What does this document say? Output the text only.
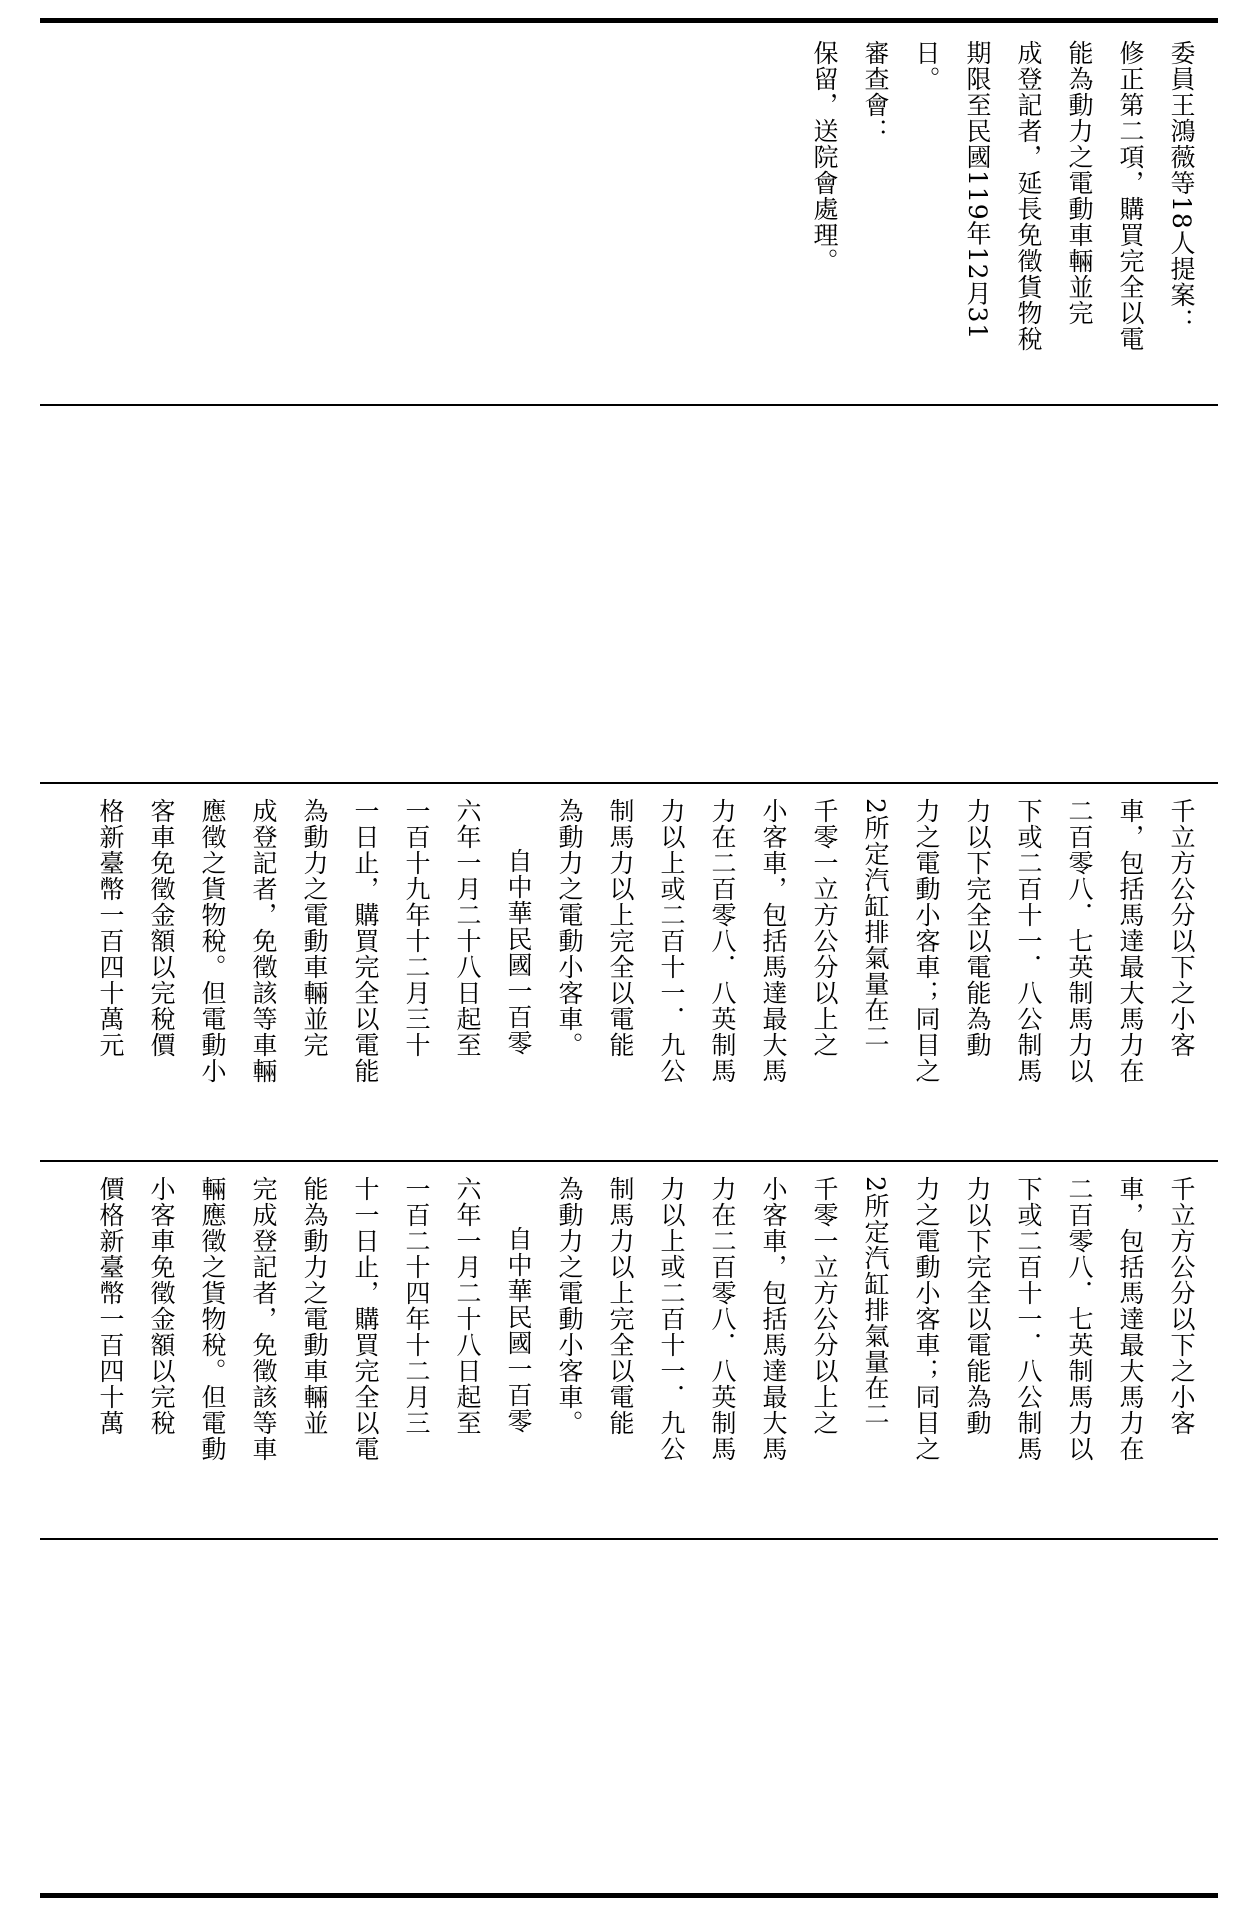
委員王鴻薇等18人提案：
修正第二項，購買完全以電
能為動力之電動車輛並完
成登記者，延長免徵貨物稅
期限至民國119年12月31
日。
審查會：
保留，送院會處理。
千立方公分以下之小客
車，包括馬達最大馬力在
二百零八．七英制馬力以
下或二百十一．八公制馬
力以下完全以電能為動
力之電動小客車；同目之
2所定汽缸排氣量在二
千零一立方公分以上之
小客車，包括馬達最大馬
力在二百零八．八英制馬
力以上或二百十一．九公
制馬力以上完全以電能
為動力之電動小客車。
自中華民國一百零
六年一月二十八日起至
一百十九年十二月三十
一日止，購買完全以電能
為動力之電動車輛並完
成登記者，免徵該等車輛
應徵之貨物稅。但電動小
客車免徵金額以完稅價
格新臺幣一百四十萬元
千立方公分以下之小客
車，包括馬達最大馬力在
二百零八．七英制馬力以
下或二百十一．八公制馬
力以下完全以電能為動
力之電動小客車；同目之
2所定汽缸排氣量在二
千零一立方公分以上之
小客車，包括馬達最大馬
力在二百零八．八英制馬
力以上或二百十一．九公
制馬力以上完全以電能
為動力之電動小客車。
自中華民國一百零
六年一月二十八日起至
一百二十四年十二月三
十一日止，購買完全以電
能為動力之電動車輛並
完成登記者，免徵該等車
輛應徵之貨物稅。但電動
小客車免徵金額以完稅
價格新臺幣一百四十萬
